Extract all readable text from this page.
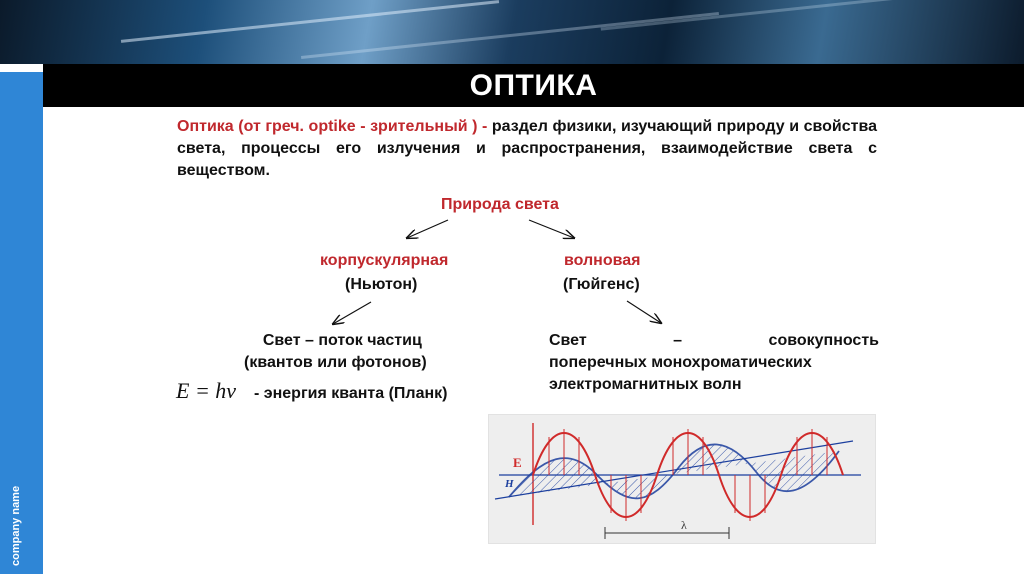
company name
ОПТИКА
Оптика (от греч. optike - зрительный ) - раздел физики, изучающий природу и свойства света, процессы его излучения и распространения, взаимодействие света с веществом.
Природа света
корпускулярная
(Ньютон)
волновая
(Гюйгенс)
Свет – поток частиц
(квантов или фотонов)
E = hν - энергия кванта (Планк)
Свет	–	совокупность
поперечных монохроматических
электромагнитных волн
E
H
λ
